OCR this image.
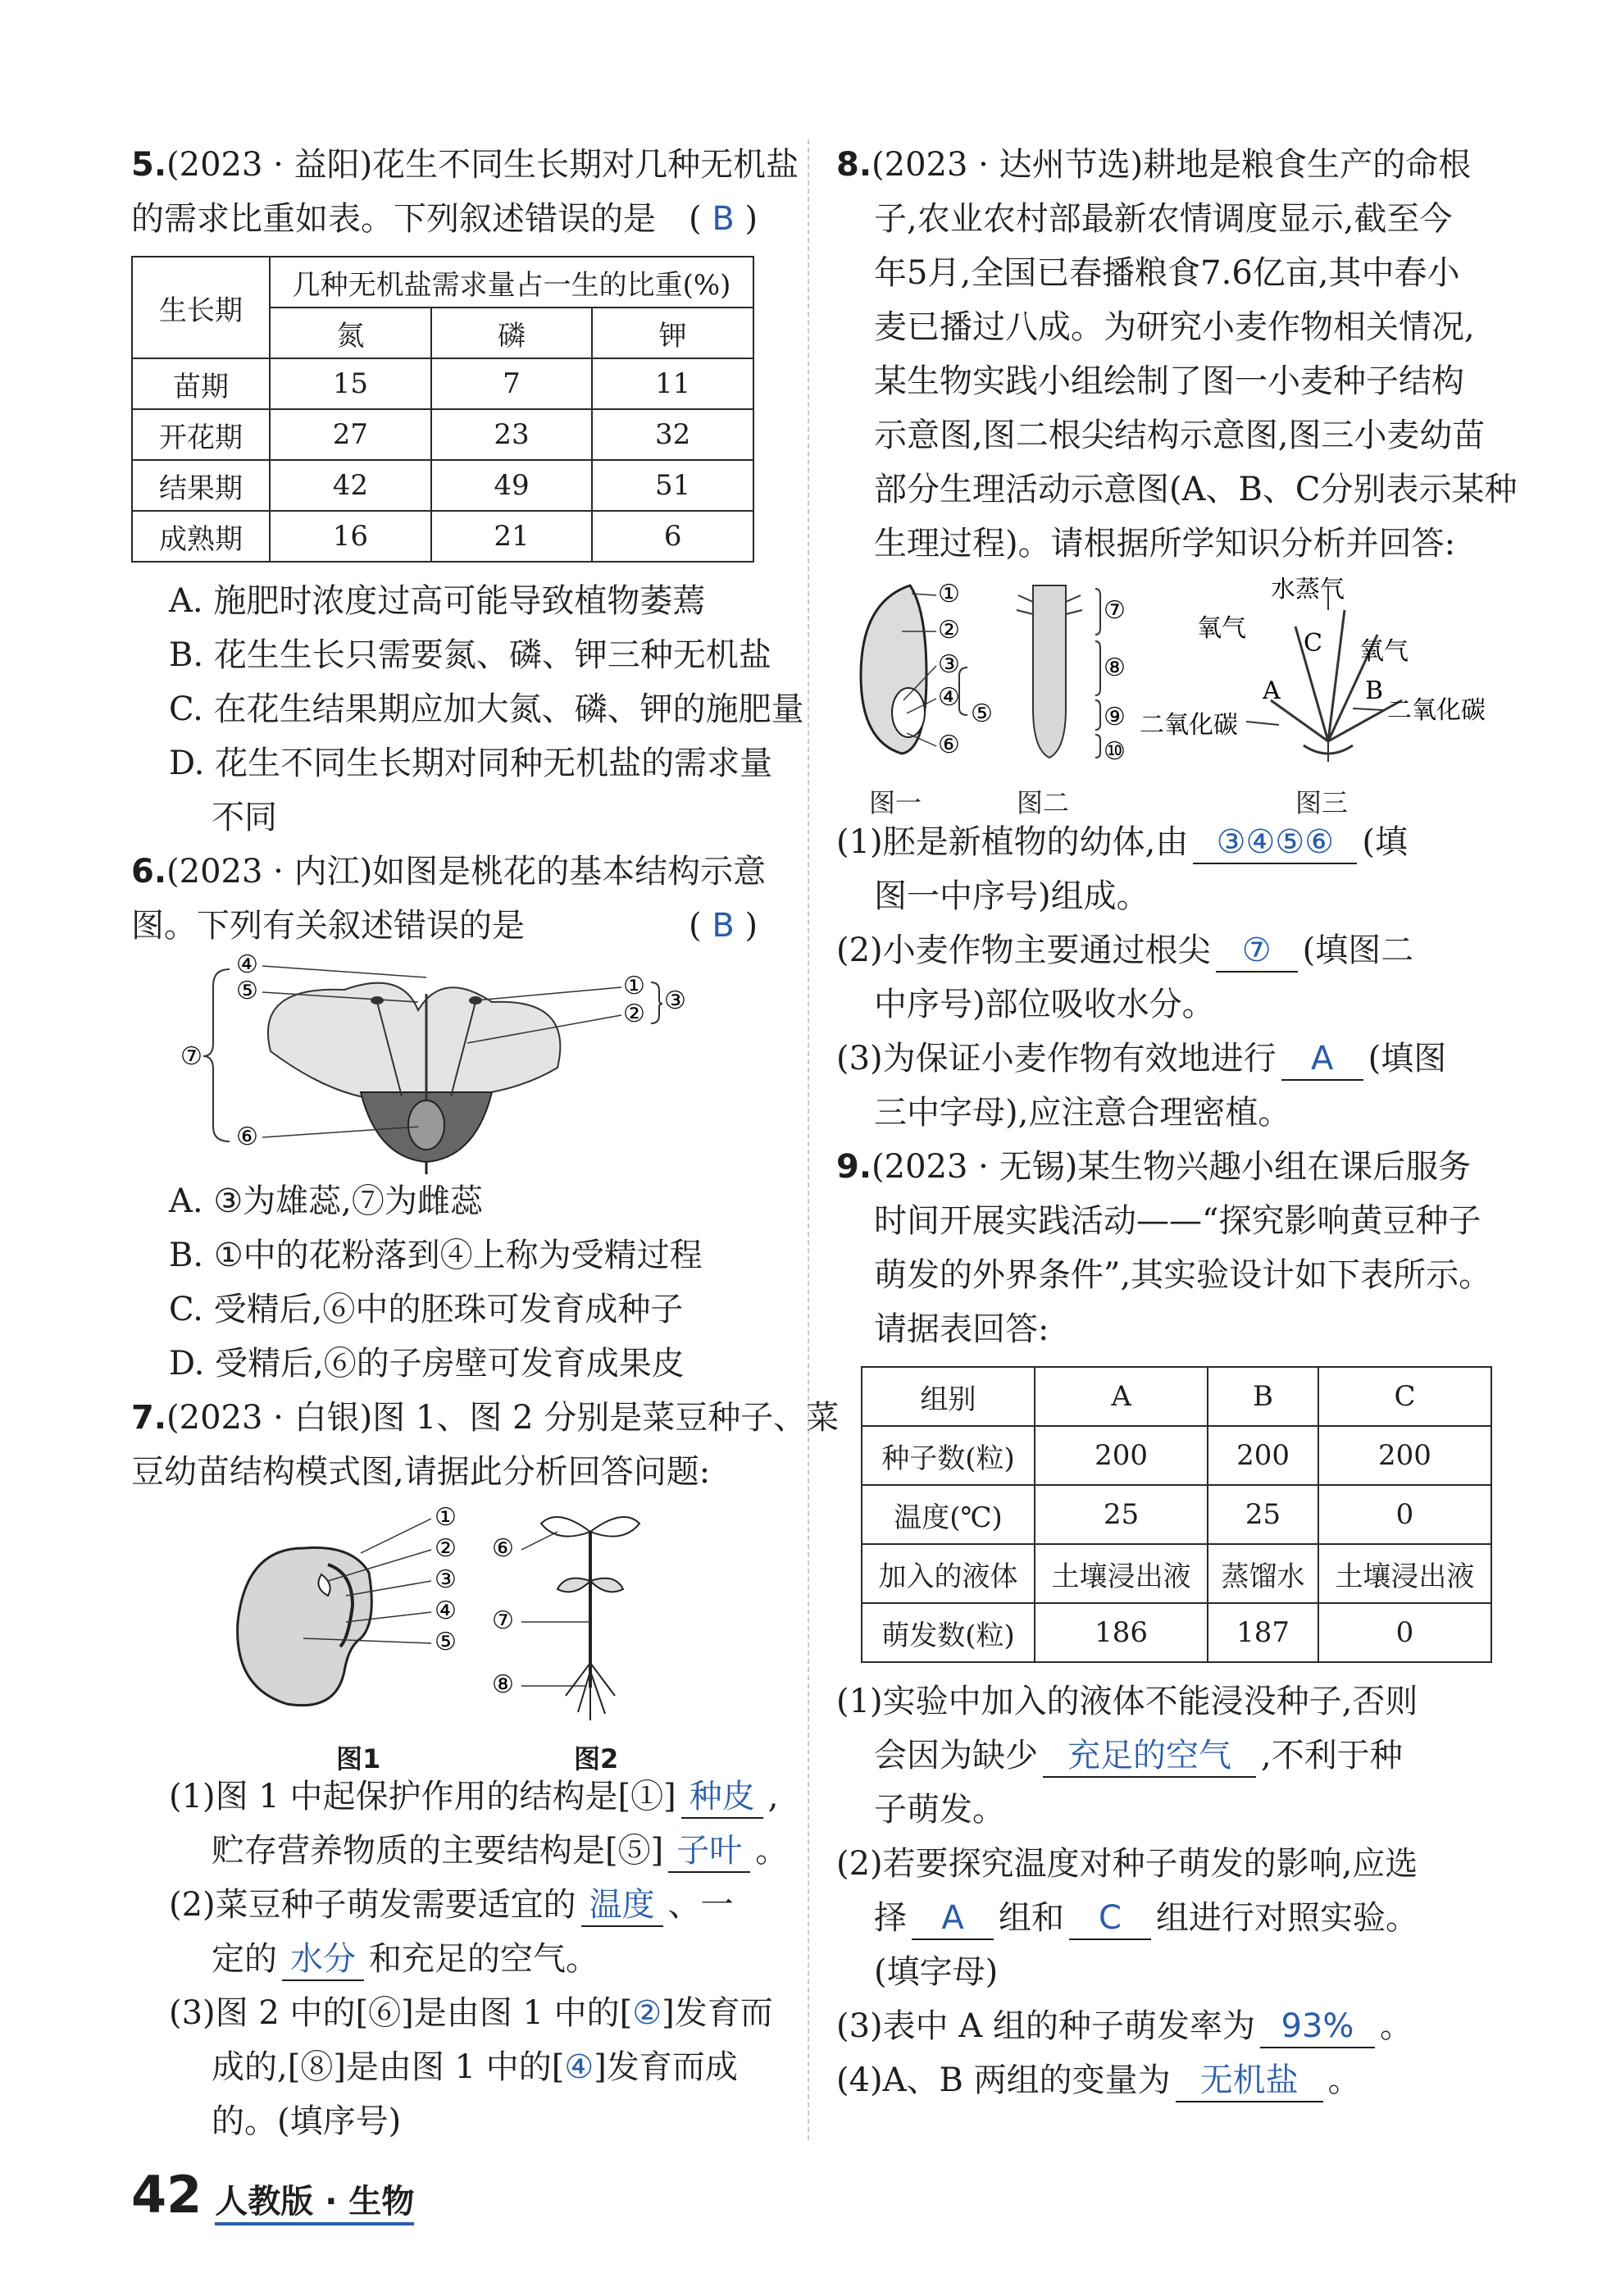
5.(2023 · 益阳)花生不同生长期对几种无机盐
的需求比重如表。下列叙述错误的是 ( B )
生长期	几种无机盐需求量占一生的比重(%)		
	氮	磷	钾
苗期	15	7	11
开花期	27	23	32
结果期	42	49	51
成熟期	16	21	6
A. 施肥时浓度过高可能导致植物萎蔫
B. 花生生长只需要氮、磷、钾三种无机盐
C. 在花生结果期应加大氮、磷、钾的施肥量
D. 花生不同生长期对同种无机盐的需求量
不同
6.(2023 · 内江)如图是桃花的基本结构示意
图。下列有关叙述错误的是	( B )
④
⑤
⑦
⑥
①
② ③
A. ③为雄蕊,⑦为雌蕊
B. ①中的花粉落到④上称为受精过程
C. 受精后,⑥中的胚珠可发育成种子
D. 受精后,⑥的子房壁可发育成果皮
7.(2023 · 白银)图 1、图 2 分别是菜豆种子、菜
豆幼苗结构模式图,请据此分析回答问题:
①
②
③
④
⑤
⑥
⑦
⑧
图1	图2
(1)图 1 中起保护作用的结构是[①] 种皮 ,
贮存营养物质的主要结构是[⑤] 子叶 。
(2)菜豆种子萌发需要适宜的 温度 、一
定的 水分 和充足的空气。
(3)图 2 中的[⑥]是由图 1 中的[②]发育而
成的,[⑧]是由图 1 中的[④]发育而成
的。(填序号)
8.(2023 · 达州节选)耕地是粮食生产的命根
子,农业农村部最新农情调度显示,截至今
年5月,全国已春播粮食7.6亿亩,其中春小
麦已播过八成。为研究小麦作物相关情况,
某生物实践小组绘制了图一小麦种子结构
示意图,图二根尖结构示意图,图三小麦幼苗
部分生理活动示意图(A、B、C分别表示某种
生理过程)。请根据所学知识分析并回答:
①
②
③
④
⑤
⑥
⑦
⑧
⑨
⑩
水蒸气
氧气
氧气
C
A	B
二氧化碳
二氧化碳
图一	图二	图三
(1)胚是新植物的幼体,由 ③④⑤⑥ (填
图一中序号)组成。
(2)小麦作物主要通过根尖 ⑦ (填图二
中序号)部位吸收水分。
(3)为保证小麦作物有效地进行 A (填图
三中字母),应注意合理密植。
9.(2023 · 无锡)某生物兴趣小组在课后服务
时间开展实践活动——“探究影响黄豆种子
萌发的外界条件”,其实验设计如下表所示。
请据表回答:
组别	A	B	C
种子数(粒)	200	200	200
温度(℃)	25	25	0
加入的液体	土壤浸出液	蒸馏水	土壤浸出液
萌发数(粒)	186	187	0
(1)实验中加入的液体不能浸没种子,否则
会因为缺少 充足的空气 ,不利于种
子萌发。
(2)若要探究温度对种子萌发的影响,应选
择 A 组和 C 组进行对照实验。
(填字母)
(3)表中 A 组的种子萌发率为 93% 。
(4)A、B 两组的变量为 无机盐 。
42 人教版 · 生物
